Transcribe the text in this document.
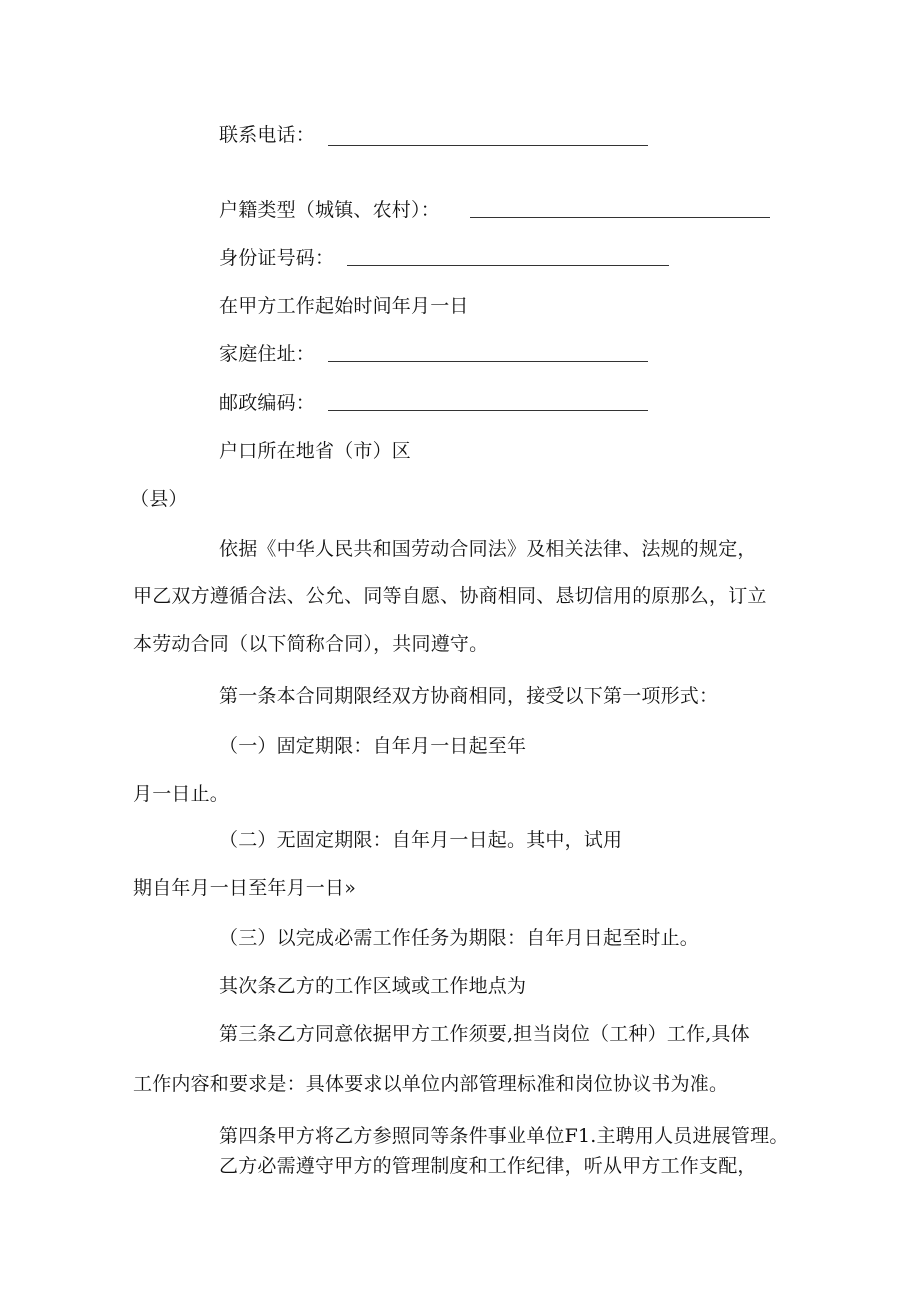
联系电话：
户籍类型（城镇、农村）：
身份证号码：
在甲方工作起始时间年月一日
家庭住址：
邮政编码：
户口所在地省（市）区
（县）
依据《中华人民共和国劳动合同法》及相关法律、法规的规定，
甲乙双方遵循合法、公允、同等自愿、协商相同、恳切信用的原那么，订立
本劳动合同（以下简称合同），共同遵守。
第一条本合同期限经双方协商相同，接受以下第一项形式：
（一）固定期限：自年月一日起至年
月一日止。
（二）无固定期限：自年月一日起。其中，试用
期自年月一日至年月一日»
（三）以完成必需工作任务为期限：自年月日起至时止。
其次条乙方的工作区域或工作地点为
第三条乙方同意依据甲方工作须要,担当岗位（工种）工作,具体
工作内容和要求是：具体要求以单位内部管理标准和岗位协议书为准。
第四条甲方将乙方参照同等条件事业单位F1.主聘用人员进展管理。
乙方必需遵守甲方的管理制度和工作纪律，听从甲方工作支配，
